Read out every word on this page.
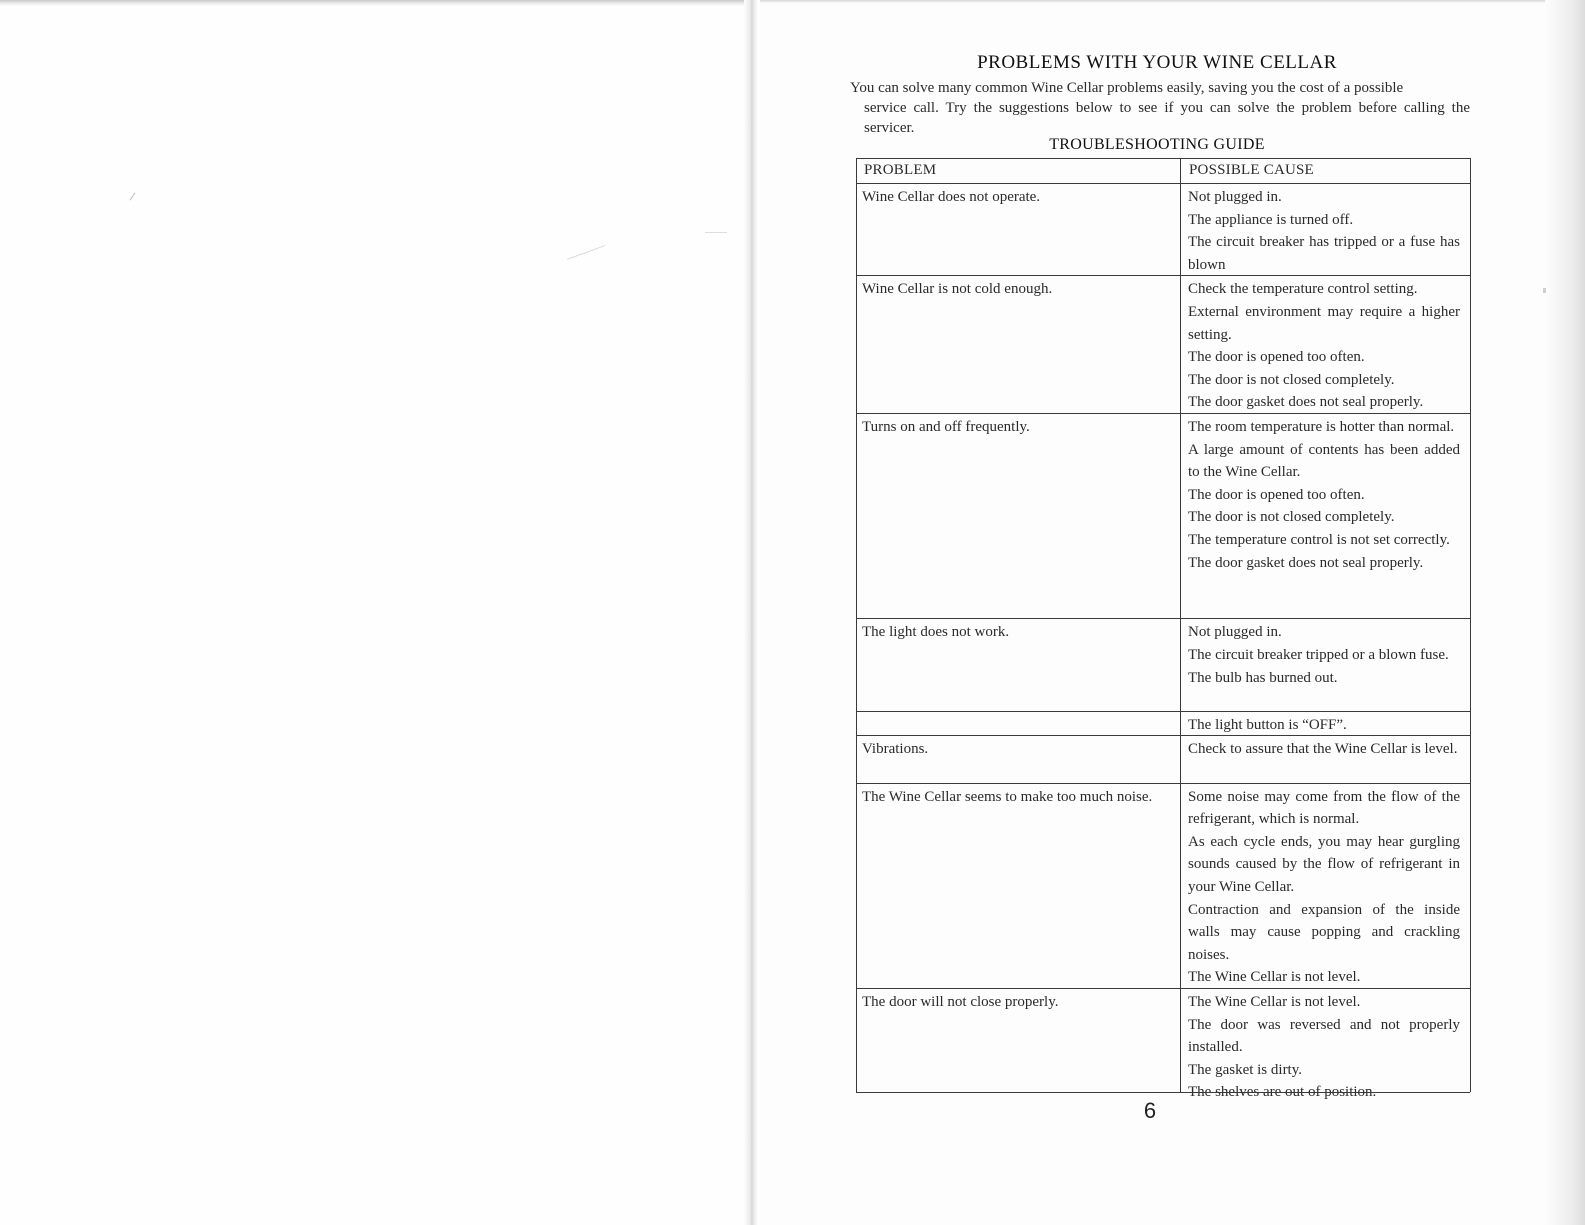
PROBLEMS WITH YOUR WINE CELLAR
You can solve many common Wine Cellar problems easily, saving you the cost of a possible
service call. Try the suggestions below to see if you can solve the problem before calling the servicer.
TROUBLESHOOTING GUIDE
PROBLEM	POSSIBLE CAUSE
Wine Cellar does not operate.	Not plugged in.
The appliance is turned off.
The circuit breaker has tripped or a fuse has blown
Wine Cellar is not cold enough.	Check the temperature control setting.
External environment may require a higher setting.
The door is opened too often.
The door is not closed completely.
The door gasket does not seal properly.
Turns on and off frequently.	The room temperature is hotter than normal.
A large amount of contents has been added to the Wine Cellar.
The door is opened too often.
The door is not closed completely.
The temperature control is not set correctly.
The door gasket does not seal properly.
The light does not work.	Not plugged in.
The circuit breaker tripped or a blown fuse.
The bulb has burned out.
The light button is “OFF”.
Vibrations.	Check to assure that the Wine Cellar is level.
The Wine Cellar seems to make too much noise.	Some noise may come from the flow of the refrigerant, which is normal.
As each cycle ends, you may hear gurgling sounds caused by the flow of refrigerant in your Wine Cellar.
Contraction and expansion of the inside walls may cause popping and crackling noises.
The Wine Cellar is not level.
The door will not close properly.	The Wine Cellar is not level.
The door was reversed and not properly installed.
The gasket is dirty.
The shelves are out of position.
6
